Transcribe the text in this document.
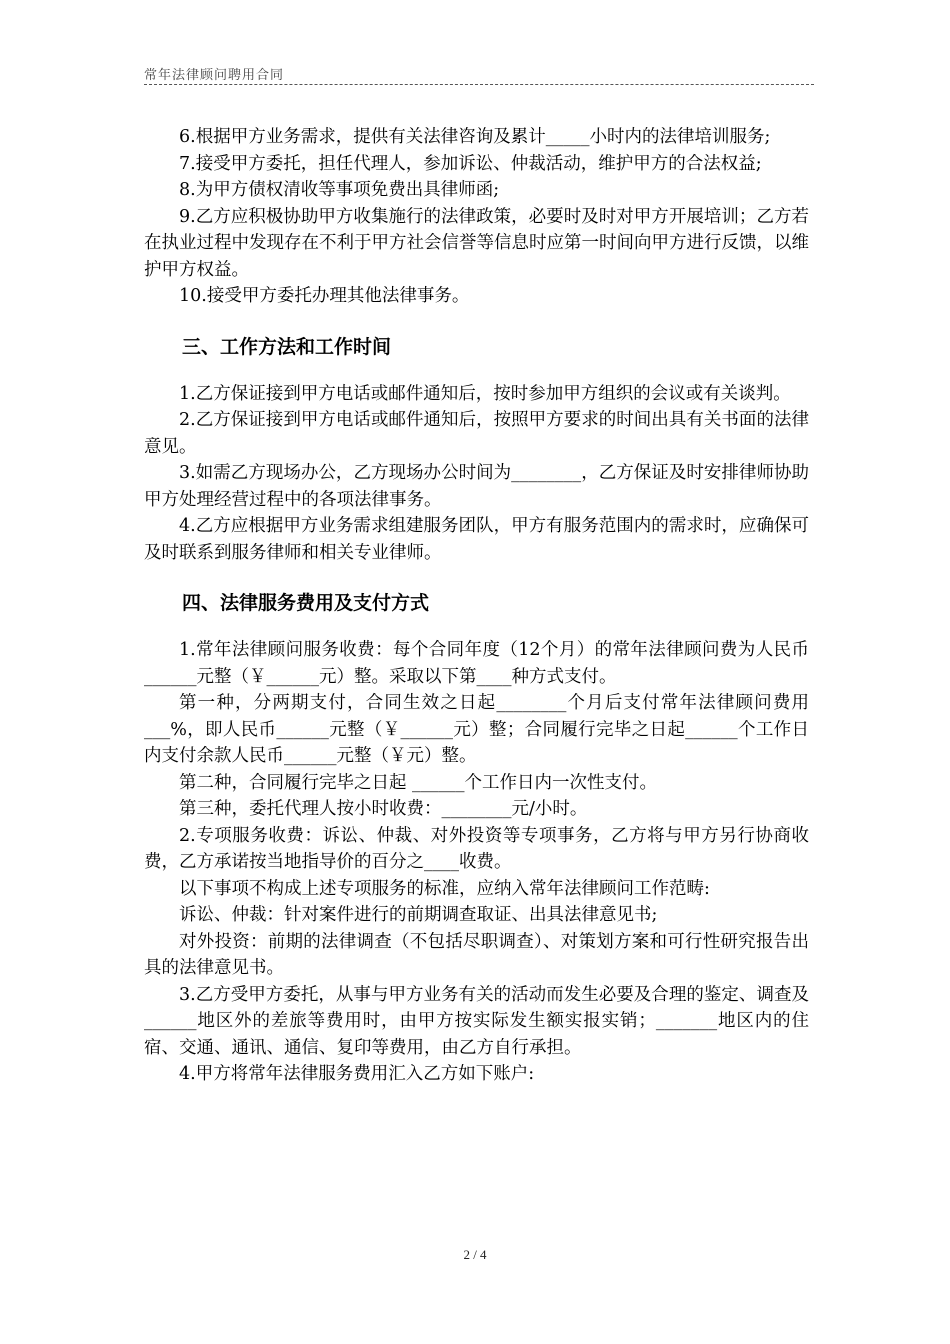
常年法律顾问聘用合同

6.根据甲方业务需求，提供有关法律咨询及累计_____小时内的法律培训服务;

7.接受甲方委托，担任代理人，参加诉讼、仲裁活动，维护甲方的合法权益;

8.为甲方债权清收等事项免费出具律师函;

9.乙方应积极协助甲方收集施行的法律政策，必要时及时对甲方开展培训；乙方若在执业过程中发现存在不利于甲方社会信誉等信息时应第一时间向甲方进行反馈，以维护甲方权益。

10.接受甲方委托办理其他法律事务。

三、工作方法和工作时间

1.乙方保证接到甲方电话或邮件通知后，按时参加甲方组织的会议或有关谈判。

2.乙方保证接到甲方电话或邮件通知后，按照甲方要求的时间出具有关书面的法律意见。

3.如需乙方现场办公，乙方现场办公时间为________，乙方保证及时安排律师协助甲方处理经营过程中的各项法律事务。

4.乙方应根据甲方业务需求组建服务团队，甲方有服务范围内的需求时，应确保可及时联系到服务律师和相关专业律师。

四、法律服务费用及支付方式

1.常年法律顾问服务收费：每个合同年度（12个月）的常年法律顾问费为人民币______元整（￥______元）整。采取以下第____种方式支付。

第一种，分两期支付，合同生效之日起________个月后支付常年法律顾问费用___%，即人民币______元整（￥______元）整；合同履行完毕之日起______个工作日内支付余款人民币______元整（￥元）整。

第二种，合同履行完毕之日起 ______个工作日内一次性支付。

第三种，委托代理人按小时收费：________元/小时。

2.专项服务收费：诉讼、仲裁、对外投资等专项事务，乙方将与甲方另行协商收费，乙方承诺按当地指导价的百分之____收费。

以下事项不构成上述专项服务的标准，应纳入常年法律顾问工作范畴:

诉讼、仲裁：针对案件进行的前期调查取证、出具法律意见书;

对外投资：前期的法律调查（不包括尽职调查）、对策划方案和可行性研究报告出具的法律意见书。

3.乙方受甲方委托，从事与甲方业务有关的活动而发生必要及合理的鉴定、调查及______地区外的差旅等费用时，由甲方按实际发生额实报实销；_______地区内的住宿、交通、通讯、通信、复印等费用，由乙方自行承担。

4.甲方将常年法律服务费用汇入乙方如下账户:

2 / 4
